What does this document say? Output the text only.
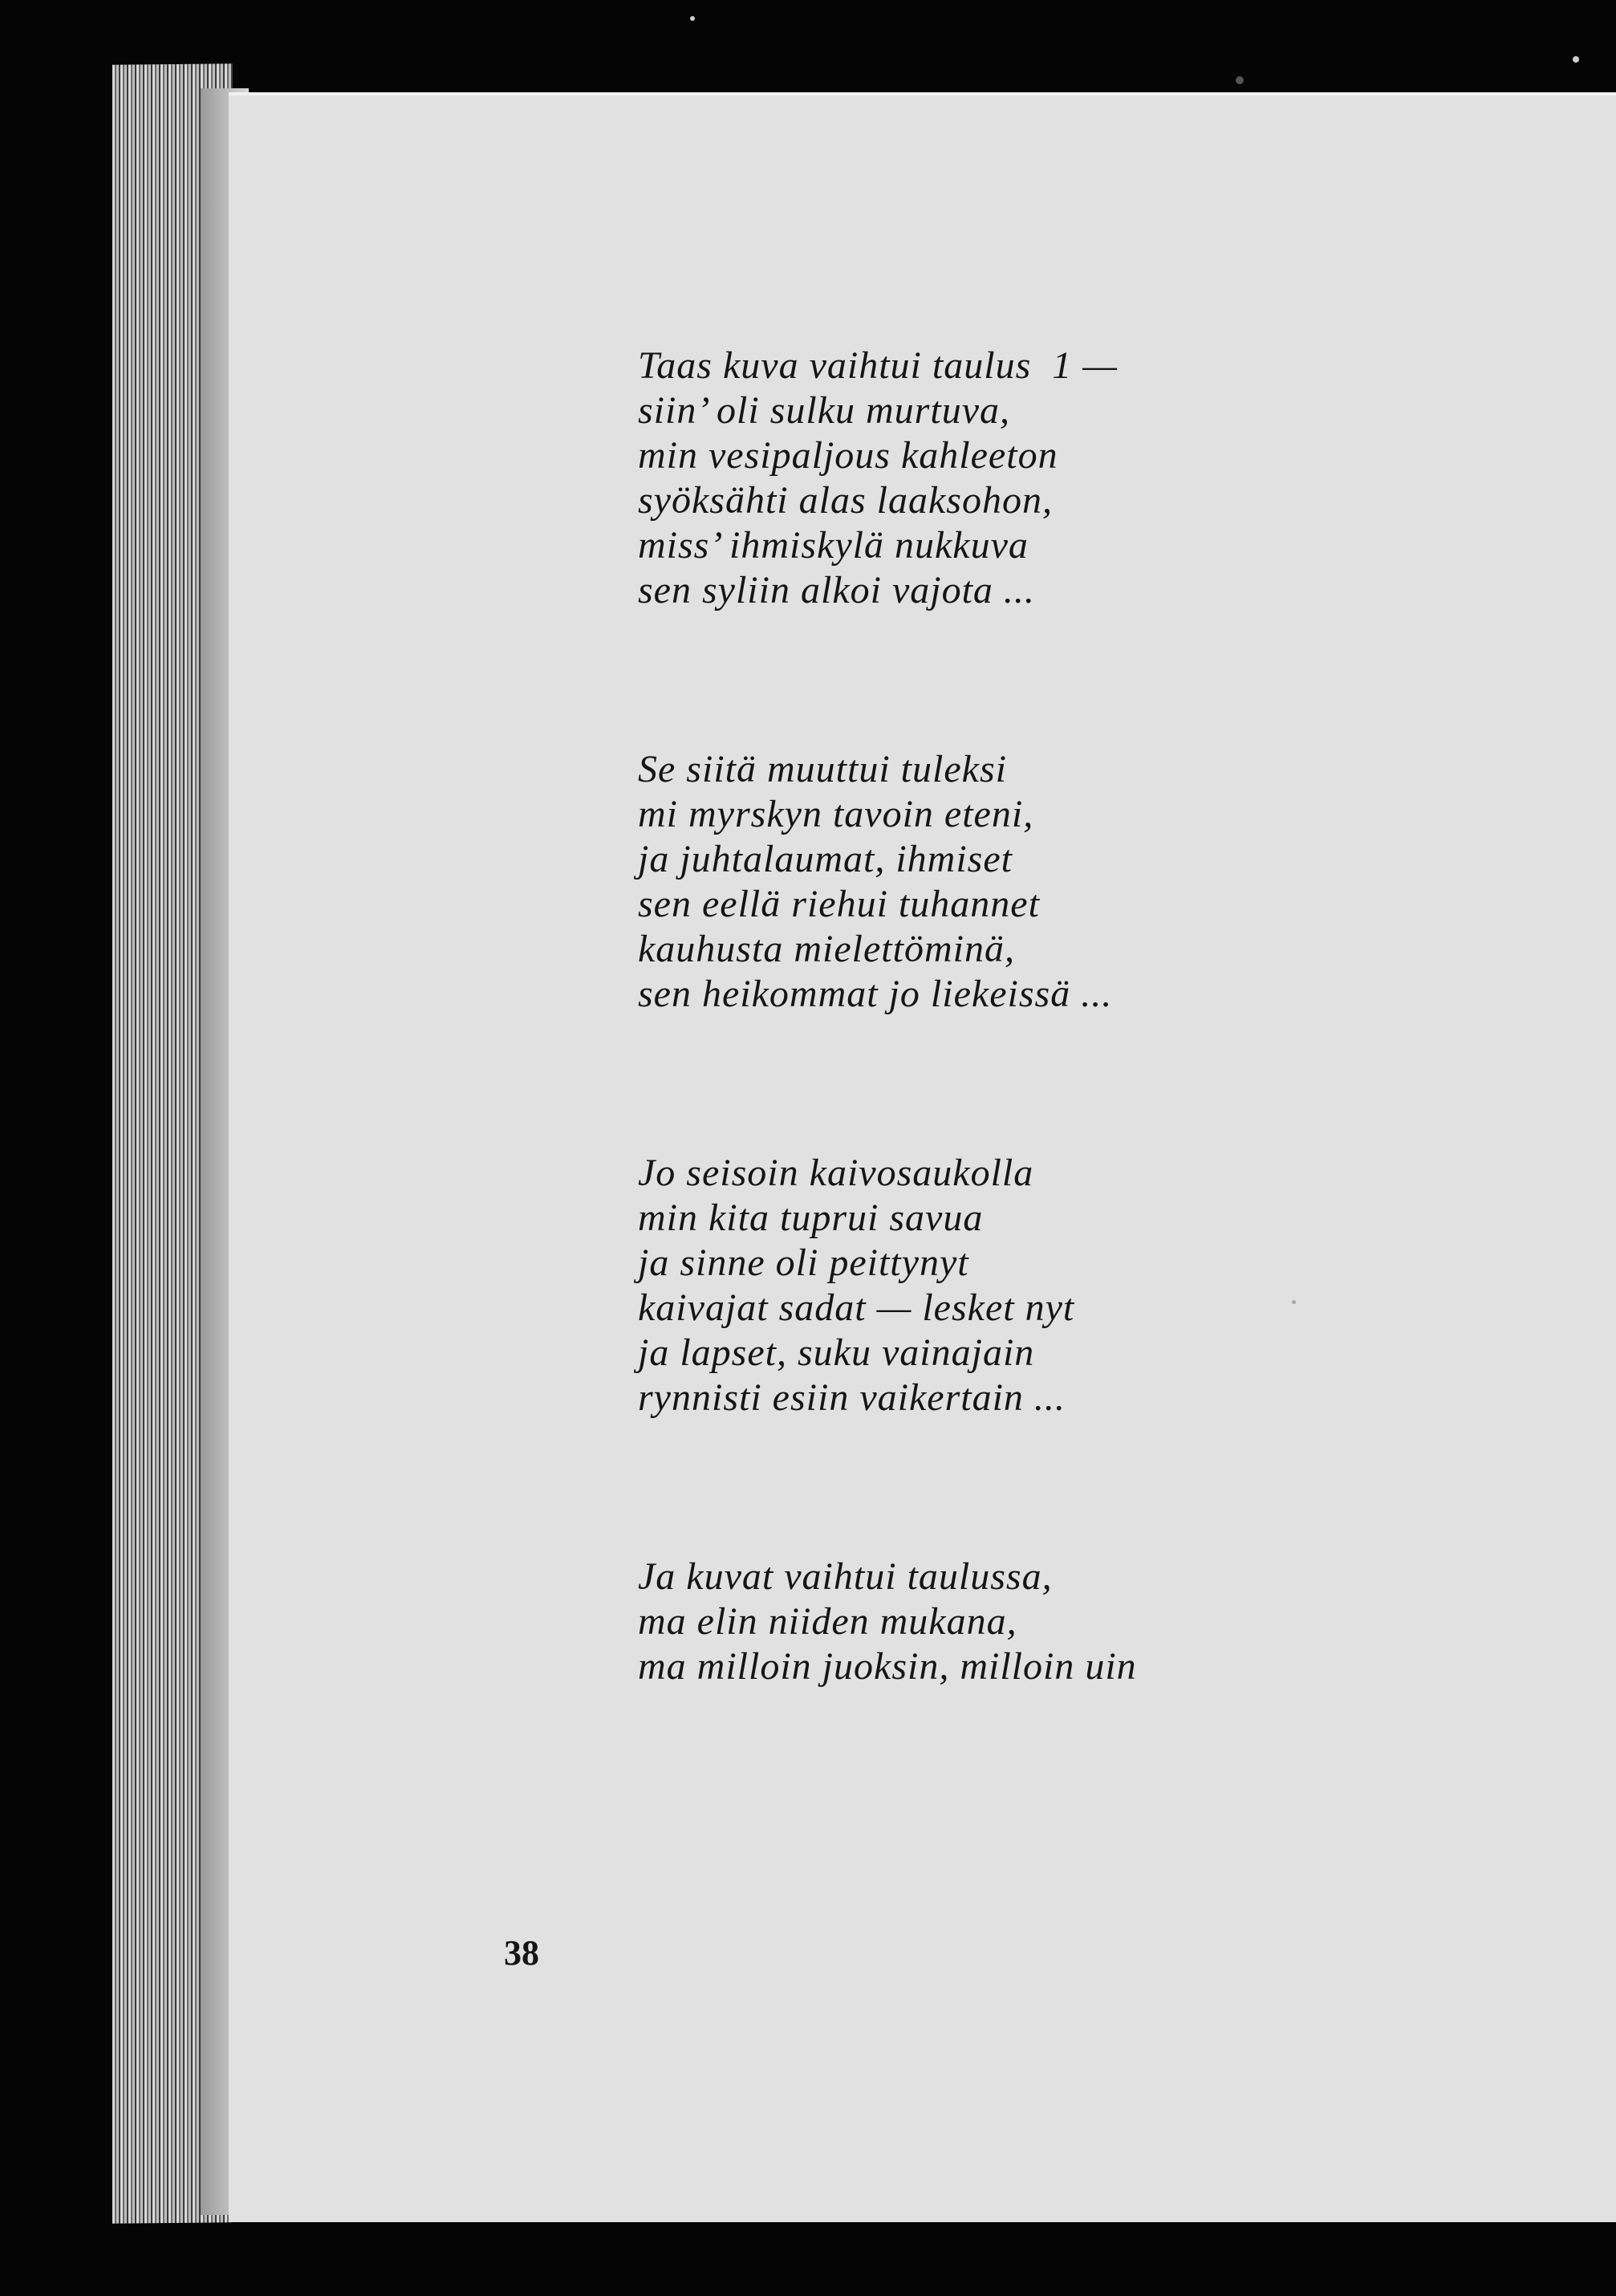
Taas kuva vaihtui taulus  1 —
siin’ oli sulku murtuva,
min vesipaljous kahleeton
syöksähti alas laaksohon,
miss’ ihmiskylä nukkuva
sen syliin alkoi vajota ...
Se siitä muuttui tuleksi
mi myrskyn tavoin eteni,
ja juhtalaumat, ihmiset
sen eellä riehui tuhannet
kauhusta mielettöminä,
sen heikommat jo liekeissä ...
Jo seisoin kaivosaukolla
min kita tuprui savua
ja sinne oli peittynyt
kaivajat sadat — lesket nyt
ja lapset, suku vainajain
rynnisti esiin vaikertain ...
Ja kuvat vaihtui taulussa,
ma elin niiden mukana,
ma milloin juoksin, milloin uin
38
